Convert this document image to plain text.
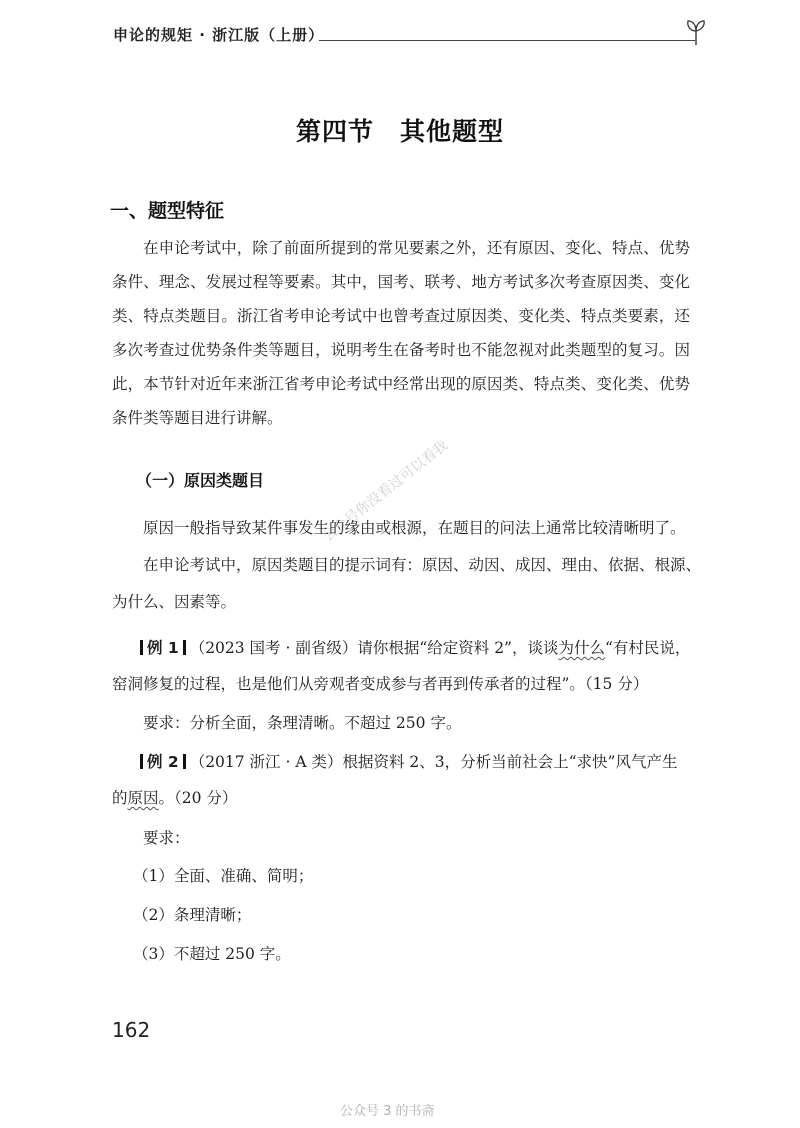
申论的规矩 · 浙江版（上册）
第四节　其他题型
一、题型特征
在申论考试中，除了前面所提到的常见要素之外，还有原因、变化、特点、优势条件、理念、发展过程等要素。其中，国考、联考、地方考试多次考查原因类、变化类、特点类题目。浙江省考申论考试中也曾考查过原因类、变化类、特点类要素，还多次考查过优势条件类等题目，说明考生在备考时也不能忽视对此类题型的复习。因此，本节针对近年来浙江省考申论考试中经常出现的原因类、特点类、变化类、优势条件类等题目进行讲解。
（一）原因类题目
原因一般指导致某件事发生的缘由或根源，在题目的问法上通常比较清晰明了。
在申论考试中，原因类题目的提示词有：原因、动因、成因、理由、依据、根源、
为什么、因素等。
例 1 （2023 国考 · 副省级）请你根据“给定资料 2”，谈谈为什么“有村民说，
窑洞修复的过程，也是他们从旁观者变成参与者再到传承者的过程”。（15 分）
要求：分析全面，条理清晰。不超过 250 字。
例 2 （2017 浙江 · A 类）根据资料 2、3，分析当前社会上“求快”风气产生
的原因。（20 分）
要求：
（1）全面、准确、简明；
（2）条理清晰；
（3）不超过 250 字。
公众号你没看过可以看我
162
公众号 3 的书斋
